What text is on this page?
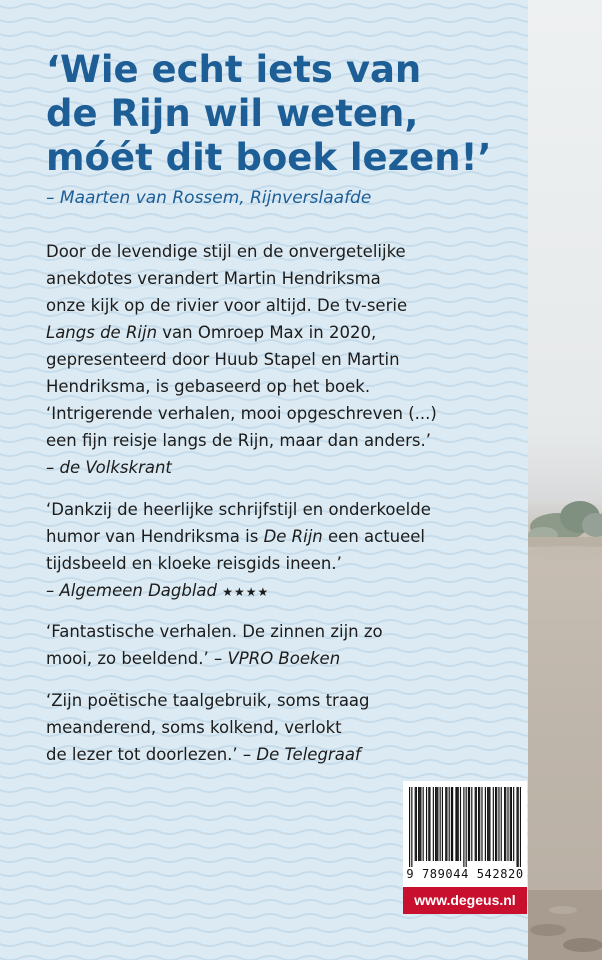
‘Wie echt iets van
de Rijn wil weten,
móét dit boek lezen!’

– Maarten van Rossem, Rijnverslaafde

Door de levendige stijl en de onvergetelijke
anekdotes verandert Martin Hendriksma
onze kijk op de rivier voor altijd. De tv-serie
Langs de Rijn van Omroep Max in 2020,
gepresenteerd door Huub Stapel en Martin
Hendriksma, is gebaseerd op het boek.

‘Intrigerende verhalen, mooi opgeschreven (...)
een fijn reisje langs de Rijn, maar dan anders.’
– de Volkskrant

‘Dankzij de heerlijke schrijfstijl en onderkoelde
humor van Hendriksma is De Rijn een actueel
tijdsbeeld en kloeke reisgids ineen.’
– Algemeen Dagblad ★★★★

‘Fantastische verhalen. De zinnen zijn zo
mooi, zo beeldend.’ – VPRO Boeken

‘Zijn poëtische taalgebruik, soms traag
meanderend, soms kolkend, verlokt
de lezer tot doorlezen.’ – De Telegraaf

9 789044 542820
www.degeus.nl
